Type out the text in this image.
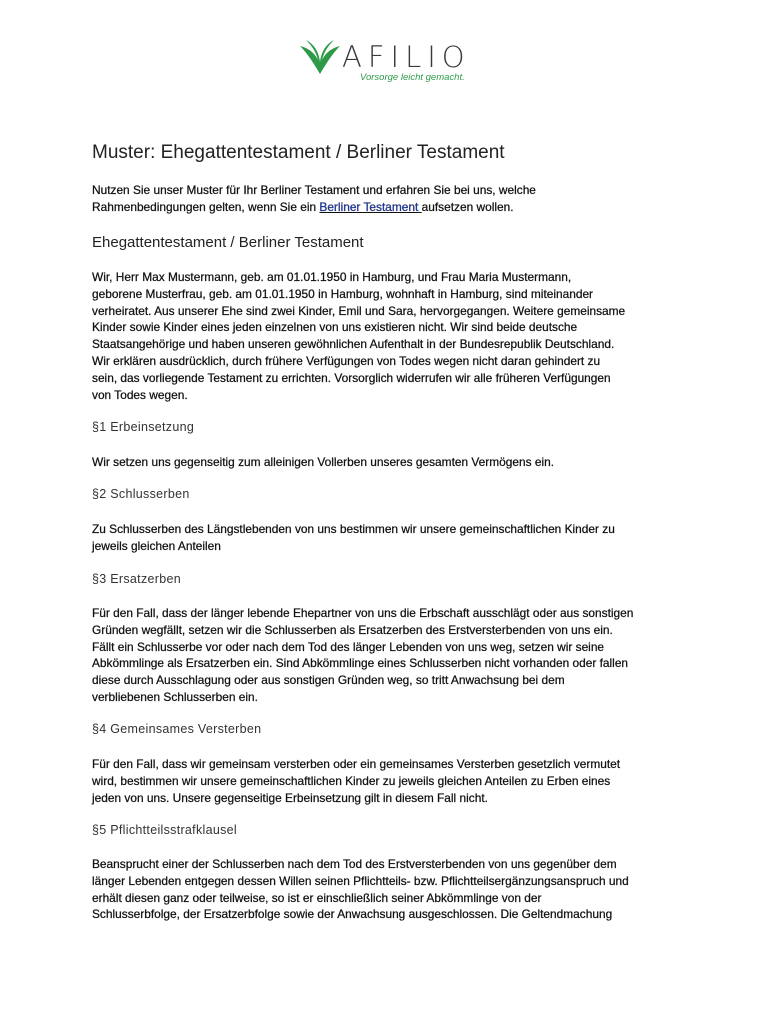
AFILIO
Vorsorge leicht gemacht.
Muster: Ehegattentestament / Berliner Testament
Nutzen Sie unser Muster für Ihr Berliner Testament und erfahren Sie bei uns, welche
Rahmenbedingungen gelten, wenn Sie ein Berliner Testament aufsetzen wollen.
Ehegattentestament / Berliner Testament
Wir, Herr Max Mustermann, geb. am 01.01.1950 in Hamburg, und Frau Maria Mustermann,
geborene Musterfrau, geb. am 01.01.1950 in Hamburg, wohnhaft in Hamburg, sind miteinander
verheiratet. Aus unserer Ehe sind zwei Kinder, Emil und Sara, hervorgegangen. Weitere gemeinsame
Kinder sowie Kinder eines jeden einzelnen von uns existieren nicht. Wir sind beide deutsche
Staatsangehörige und haben unseren gewöhnlichen Aufenthalt in der Bundesrepublik Deutschland.
Wir erklären ausdrücklich, durch frühere Verfügungen von Todes wegen nicht daran gehindert zu
sein, das vorliegende Testament zu errichten. Vorsorglich widerrufen wir alle früheren Verfügungen
von Todes wegen.
§1 Erbeinsetzung
Wir setzen uns gegenseitig zum alleinigen Vollerben unseres gesamten Vermögens ein.
§2 Schlusserben
Zu Schlusserben des Längstlebenden von uns bestimmen wir unsere gemeinschaftlichen Kinder zu
jeweils gleichen Anteilen
§3 Ersatzerben
Für den Fall, dass der länger lebende Ehepartner von uns die Erbschaft ausschlägt oder aus sonstigen
Gründen wegfällt, setzen wir die Schlusserben als Ersatzerben des Erstversterbenden von uns ein.
Fällt ein Schlusserbe vor oder nach dem Tod des länger Lebenden von uns weg, setzen wir seine
Abkömmlinge als Ersatzerben ein. Sind Abkömmlinge eines Schlusserben nicht vorhanden oder fallen
diese durch Ausschlagung oder aus sonstigen Gründen weg, so tritt Anwachsung bei dem
verbliebenen Schlusserben ein.
§4 Gemeinsames Versterben
Für den Fall, dass wir gemeinsam versterben oder ein gemeinsames Versterben gesetzlich vermutet
wird, bestimmen wir unsere gemeinschaftlichen Kinder zu jeweils gleichen Anteilen zu Erben eines
jeden von uns. Unsere gegenseitige Erbeinsetzung gilt in diesem Fall nicht.
§5 Pflichtteilsstrafklausel
Beansprucht einer der Schlusserben nach dem Tod des Erstversterbenden von uns gegenüber dem
länger Lebenden entgegen dessen Willen seinen Pflichtteils- bzw. Pflichtteilsergänzungsanspruch und
erhält diesen ganz oder teilweise, so ist er einschließlich seiner Abkömmlinge von der
Schlusserbfolge, der Ersatzerbfolge sowie der Anwachsung ausgeschlossen. Die Geltendmachung
